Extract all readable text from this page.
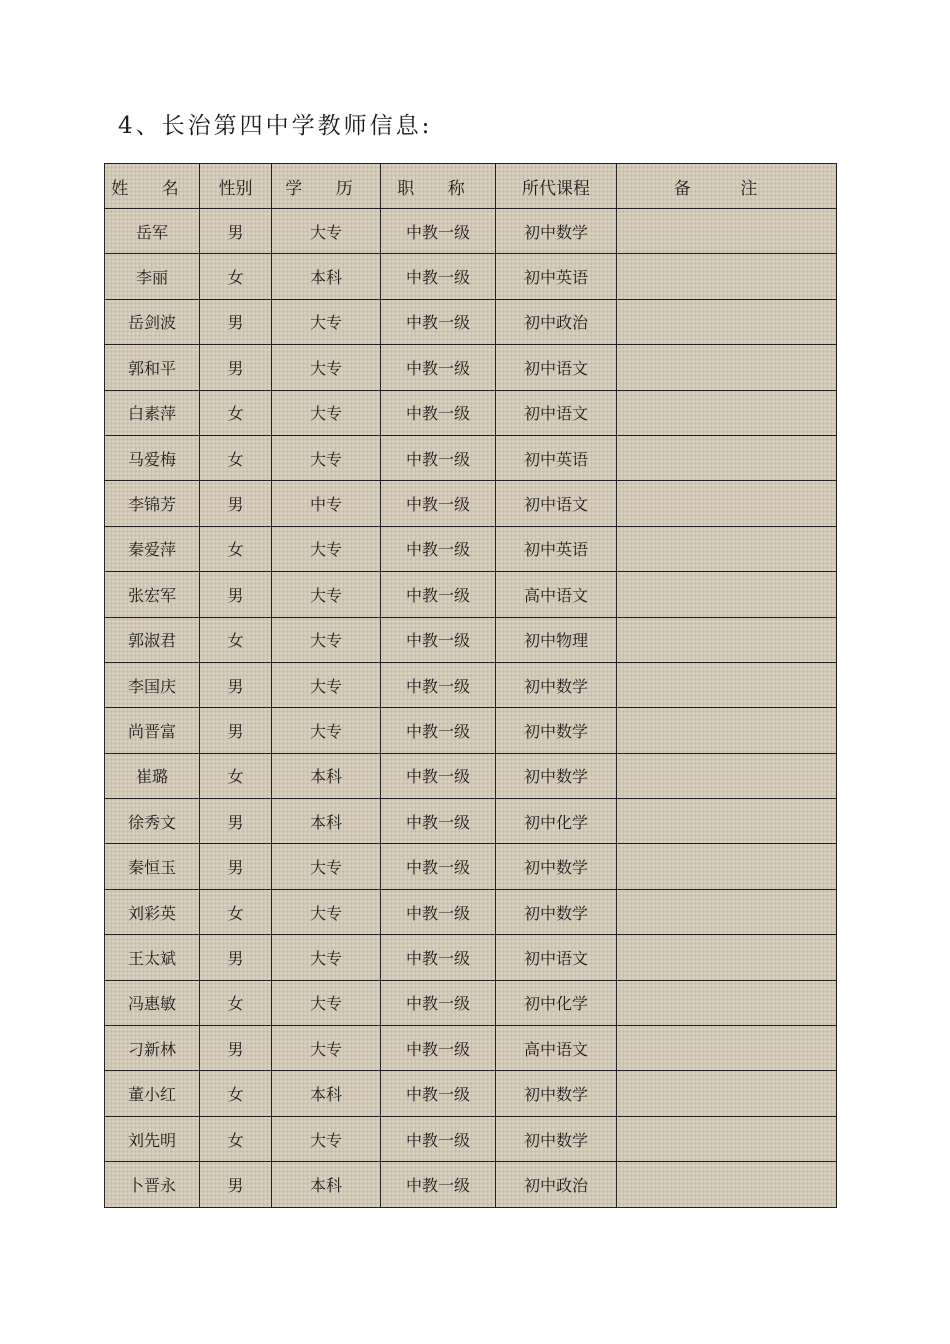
4、长治第四中学教师信息:
姓 名	性别	学 历	职 称	所代课程	备 注
岳军	男	大专	中教一级	初中数学	
李丽	女	本科	中教一级	初中英语	
岳剑波	男	大专	中教一级	初中政治	
郭和平	男	大专	中教一级	初中语文	
白素萍	女	大专	中教一级	初中语文	
马爱梅	女	大专	中教一级	初中英语	
李锦芳	男	中专	中教一级	初中语文	
秦爱萍	女	大专	中教一级	初中英语	
张宏军	男	大专	中教一级	高中语文	
郭淑君	女	大专	中教一级	初中物理	
李国庆	男	大专	中教一级	初中数学	
尚晋富	男	大专	中教一级	初中数学	
崔璐	女	本科	中教一级	初中数学	
徐秀文	男	本科	中教一级	初中化学	
秦恒玉	男	大专	中教一级	初中数学	
刘彩英	女	大专	中教一级	初中数学	
王太斌	男	大专	中教一级	初中语文	
冯惠敏	女	大专	中教一级	初中化学	
刁新林	男	大专	中教一级	高中语文	
董小红	女	本科	中教一级	初中数学	
刘先明	女	大专	中教一级	初中数学	
卜晋永	男	本科	中教一级	初中政治	
